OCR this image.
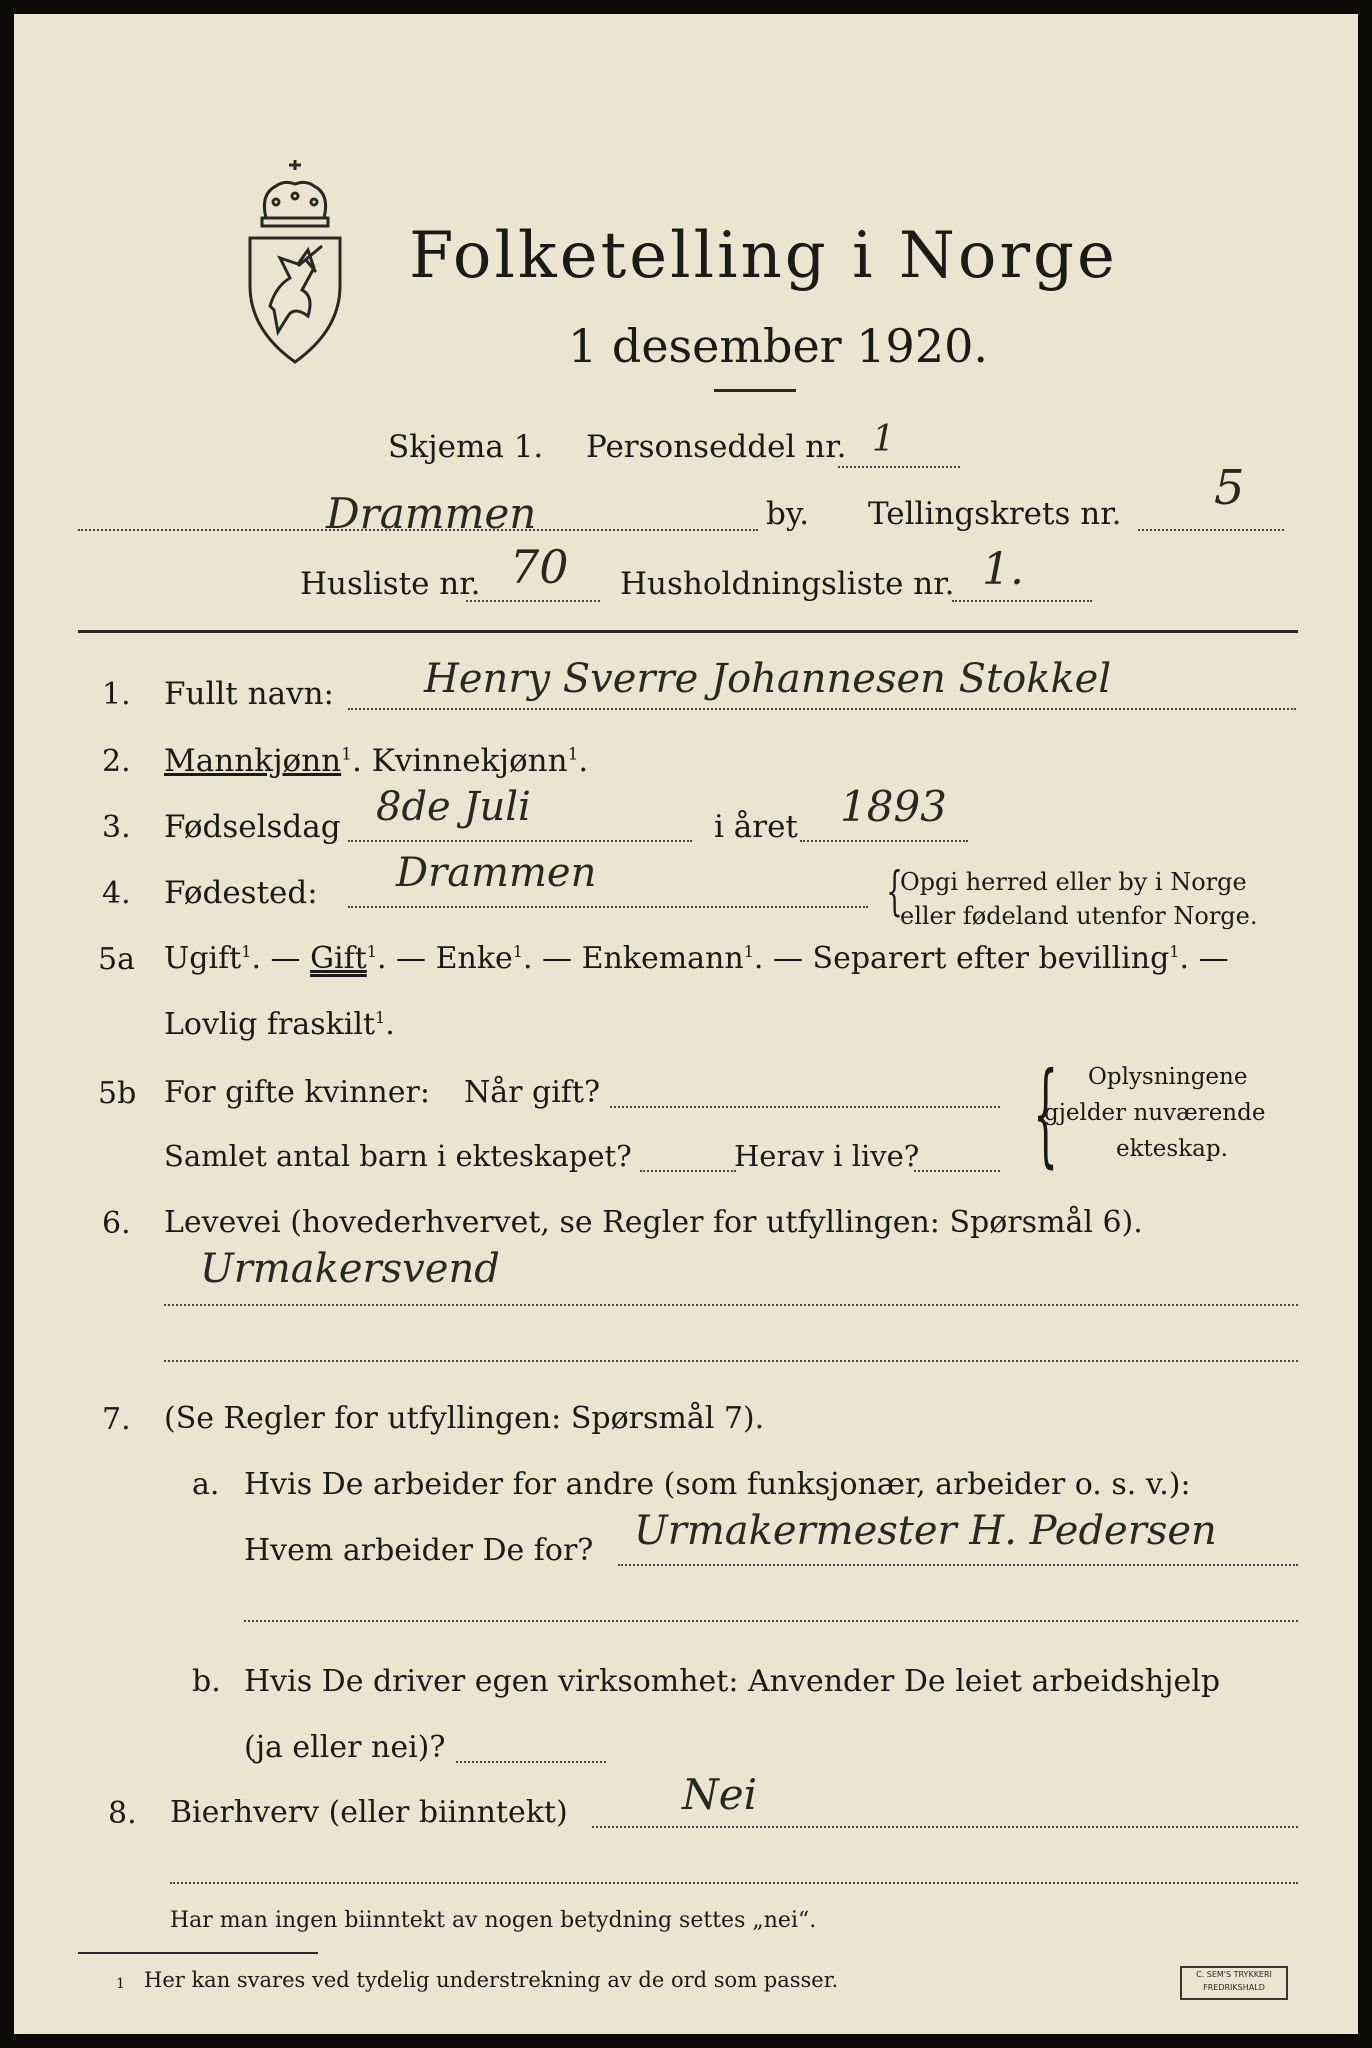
Folketelling i Norge
1 desember 1920.
Skjema 1. Personseddel nr. 1
Drammen	by. Tellingskrets nr. 5
Husliste nr. 70 Husholdningsliste nr. 1.
1. Fullt navn: Henry Sverre Johannesen Stokkel
2. Mannkjønn$^1$. Kvinnekjønn$^1$.
3. Fødselsdag 8de Juli	i året 1893
4. Fødested: Drammen	{
Opgi herred eller by i Norge
eller fødeland utenfor Norge.
5a Ugift$^1$. — Gift$^1$. — Enke$^1$. — Enkemann$^1$. — Separert efter bevilling$^1$. —
Lovlig fraskilt$^1$.
5b For gifte kvinner: Når gift?
Samlet antal barn i ekteskapet?	Herav i live? { Oplysningene
gjelder nuværende
ekteskap.
6. Levevei (hovederhvervet, se Regler for utfyllingen: Spørsmål 6).
Urmakersvend
7. (Se Regler for utfyllingen: Spørsmål 7).
a. Hvis De arbeider for andre (som funksjonær, arbeider o. s. v.):
Hvem arbeider De for? Urmakermester H. Pedersen
b. Hvis De driver egen virksomhet: Anvender De leiet arbeidshjelp
(ja eller nei)?
8. Bierhverv (eller biinntekt)	Nei
Har man ingen biinntekt av nogen betydning settes „nei“.
1 Her kan svares ved tydelig understrekning av de ord som passer.	C. SEM'S TRYKKERI
FREDRIKSHALD
